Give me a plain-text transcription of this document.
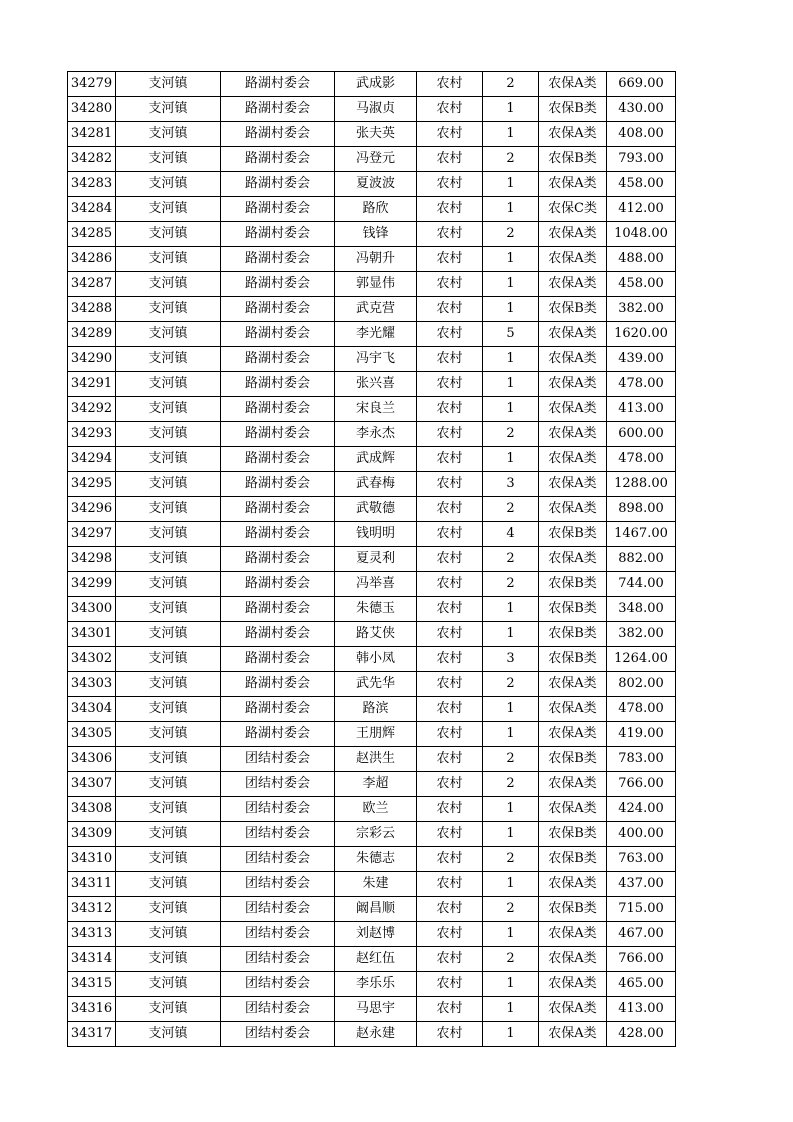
34279	支河镇	路湖村委会	武成影	农村	2	农保A类	669.00
34280	支河镇	路湖村委会	马淑贞	农村	1	农保B类	430.00
34281	支河镇	路湖村委会	张夫英	农村	1	农保A类	408.00
34282	支河镇	路湖村委会	冯登元	农村	2	农保B类	793.00
34283	支河镇	路湖村委会	夏波波	农村	1	农保A类	458.00
34284	支河镇	路湖村委会	路欣	农村	1	农保C类	412.00
34285	支河镇	路湖村委会	钱锋	农村	2	农保A类	1048.00
34286	支河镇	路湖村委会	冯朝升	农村	1	农保A类	488.00
34287	支河镇	路湖村委会	郭显伟	农村	1	农保A类	458.00
34288	支河镇	路湖村委会	武克营	农村	1	农保B类	382.00
34289	支河镇	路湖村委会	李光耀	农村	5	农保A类	1620.00
34290	支河镇	路湖村委会	冯宇飞	农村	1	农保A类	439.00
34291	支河镇	路湖村委会	张兴喜	农村	1	农保A类	478.00
34292	支河镇	路湖村委会	宋良兰	农村	1	农保A类	413.00
34293	支河镇	路湖村委会	李永杰	农村	2	农保A类	600.00
34294	支河镇	路湖村委会	武成辉	农村	1	农保A类	478.00
34295	支河镇	路湖村委会	武春梅	农村	3	农保A类	1288.00
34296	支河镇	路湖村委会	武敬德	农村	2	农保A类	898.00
34297	支河镇	路湖村委会	钱明明	农村	4	农保B类	1467.00
34298	支河镇	路湖村委会	夏灵利	农村	2	农保A类	882.00
34299	支河镇	路湖村委会	冯举喜	农村	2	农保B类	744.00
34300	支河镇	路湖村委会	朱德玉	农村	1	农保B类	348.00
34301	支河镇	路湖村委会	路艾侠	农村	1	农保B类	382.00
34302	支河镇	路湖村委会	韩小凤	农村	3	农保B类	1264.00
34303	支河镇	路湖村委会	武先华	农村	2	农保A类	802.00
34304	支河镇	路湖村委会	路滨	农村	1	农保A类	478.00
34305	支河镇	路湖村委会	王朋辉	农村	1	农保A类	419.00
34306	支河镇	团结村委会	赵洪生	农村	2	农保B类	783.00
34307	支河镇	团结村委会	李超	农村	2	农保A类	766.00
34308	支河镇	团结村委会	欧兰	农村	1	农保A类	424.00
34309	支河镇	团结村委会	宗彩云	农村	1	农保B类	400.00
34310	支河镇	团结村委会	朱德志	农村	2	农保B类	763.00
34311	支河镇	团结村委会	朱建	农村	1	农保A类	437.00
34312	支河镇	团结村委会	阚昌顺	农村	2	农保B类	715.00
34313	支河镇	团结村委会	刘赵博	农村	1	农保A类	467.00
34314	支河镇	团结村委会	赵红伍	农村	2	农保A类	766.00
34315	支河镇	团结村委会	李乐乐	农村	1	农保A类	465.00
34316	支河镇	团结村委会	马思宇	农村	1	农保A类	413.00
34317	支河镇	团结村委会	赵永建	农村	1	农保A类	428.00
